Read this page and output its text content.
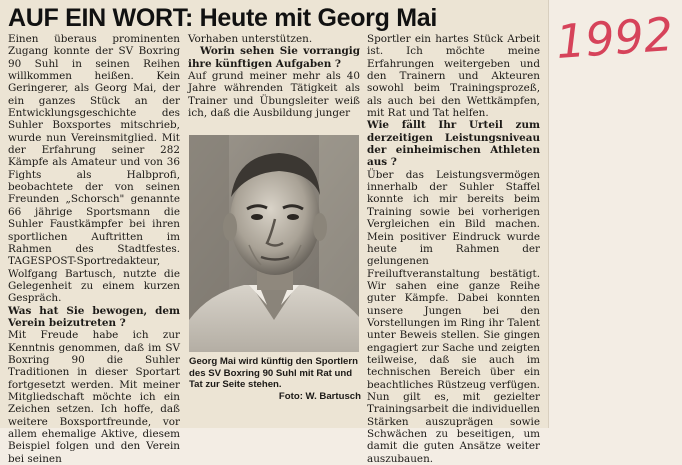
AUF EIN WORT: Heute mit Georg Mai

Einen überaus prominenten Zugang konnte der SV Boxring 90 Suhl in seinen Reihen willkommen heißen. Kein Geringerer, als Georg Mai, der ein ganzes Stück an der Entwicklungsgeschichte des Suhler Boxsportes mitschrieb, wurde nun Vereinsmitglied. Mit der Erfahrung seiner 282 Kämpfe als Amateur und von 36 Fights als Halbprofi, beobachtete der von seinen Freunden „Schorsch" genannte 66 jährige Sportsmann die Suhler Faustkämpfer bei ihren sportlichen Auftritten im Rahmen des Stadtfestes. TAGESPOST-Sportredakteur, Wolfgang Bartusch, nutzte die Gelegenheit zu einem kurzen Gespräch.

Was hat Sie bewogen, dem Verein beizutreten ?

Mit Freude habe ich zur Kenntnis genommen, daß im SV Boxring 90 die Suhler Traditionen in dieser Sportart fortgesetzt werden. Mit meiner Mitgliedschaft möchte ich ein Zeichen setzen. Ich hoffe, daß weitere Boxsportfreunde, vor allem ehemalige Aktive, diesem Beispiel folgen und den Verein bei seinen

Vorhaben unterstützen.

Worin sehen Sie vorrangig ihre künftigen Aufgaben ?

Auf grund meiner mehr als 40 Jahre währenden Tätigkeit als Trainer und Übungsleiter weiß ich, daß die Ausbildung junger

Georg Mai wird künftig den Sportlern des SV Boxring 90 Suhl mit Rat und Tat zur Seite stehen.
Foto: W. Bartusch

Sportler ein hartes Stück Arbeit ist. Ich möchte meine Erfahrungen weitergeben und den Trainern und Akteuren sowohl beim Trainingsprozeß, als auch bei den Wettkämpfen, mit Rat und Tat helfen.

Wie fällt Ihr Urteil zum derzeitigen Leistungsniveau der einheimischen Athleten aus ?

Über das Leistungsvermögen innerhalb der Suhler Staffel konnte ich mir bereits beim Training sowie bei vorherigen Vergleichen ein Bild machen. Mein positiver Eindruck wurde heute im Rahmen der gelungenen Freiluftveranstaltung bestätigt. Wir sahen eine ganze Reihe guter Kämpfe. Dabei konnten unsere Jungen bei den Vorstellungen im Ring ihr Talent unter Beweis stellen. Sie gingen engagiert zur Sache und zeigten teilweise, daß sie auch im technischen Bereich über ein beachtliches Rüstzeug verfügen. Nun gilt es, mit gezielter Trainingsarbeit die individuellen Stärken auszuprägen sowie Schwächen zu beseitigen, um damit die guten Ansätze weiter auszubauen.

1992
